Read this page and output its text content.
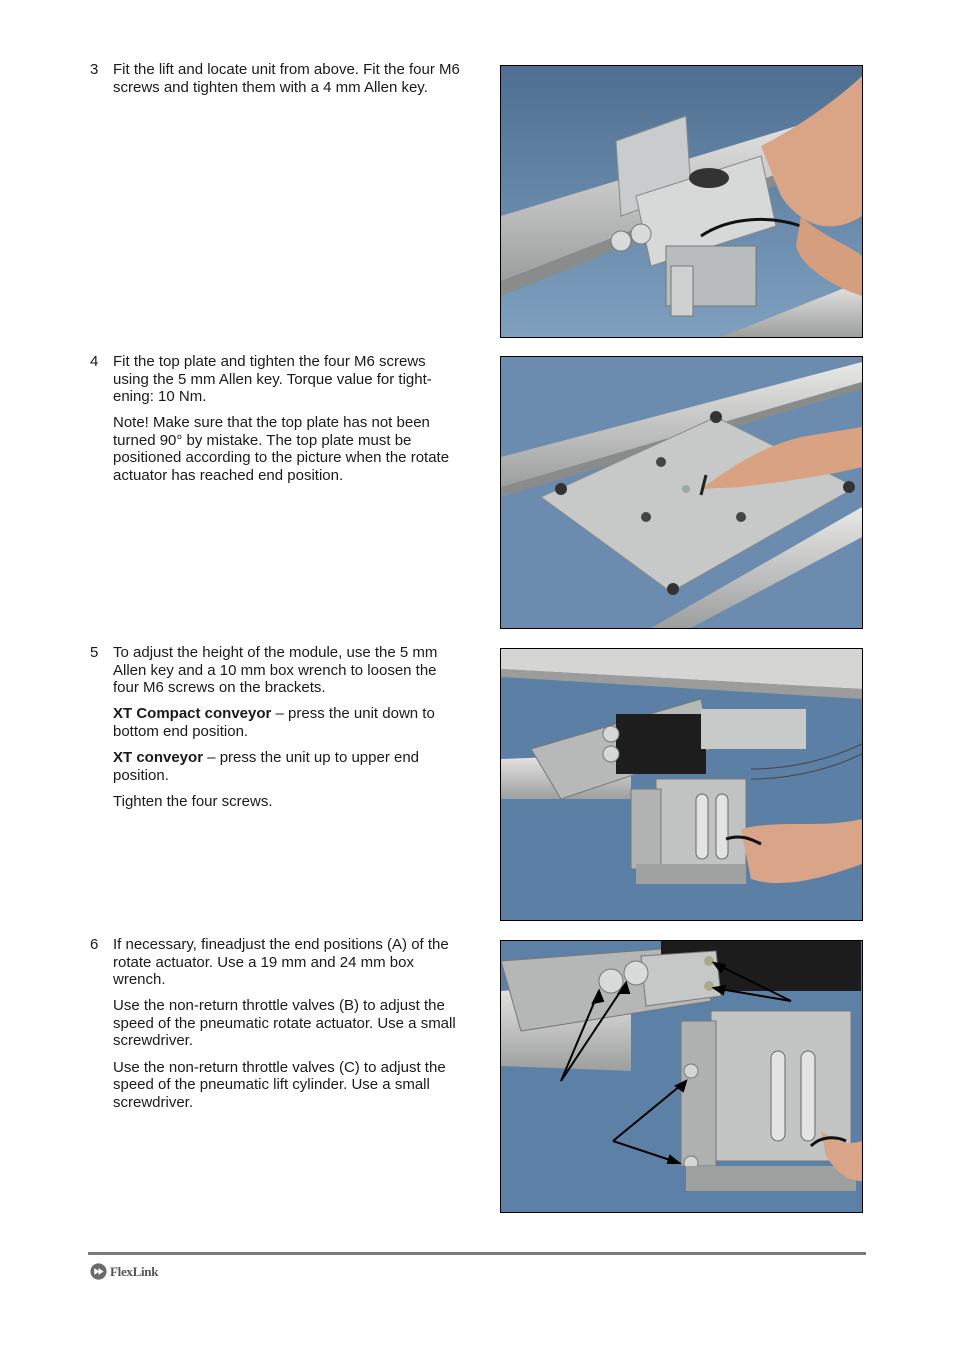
3 Fit the lift and locate unit from above. Fit the four M6 screws and tighten them with a 4 mm Allen key.

4 Fit the top plate and tighten the four M6 screws using the 5 mm Allen key. Torque value for tight-ening: 10 Nm.

Note! Make sure that the top plate has not been turned 90° by mistake. The top plate must be positioned according to the picture when the rotate actuator has reached end position.

5 To adjust the height of the module, use the 5 mm Allen key and a 10 mm box wrench to loosen the four M6 screws on the brackets.

XT Compact conveyor – press the unit down to bottom end position.

XT conveyor – press the unit up to upper end position.

Tighten the four screws.

6 If necessary, fineadjust the end positions (A) of the rotate actuator. Use a 19 mm and 24 mm box wrench.

Use the non-return throttle valves (B) to adjust the speed of the pneumatic rotate actuator. Use a small screwdriver.

Use the non-return throttle valves (C) to adjust the speed of the pneumatic lift cylinder. Use a small screwdriver.

FlexLink
